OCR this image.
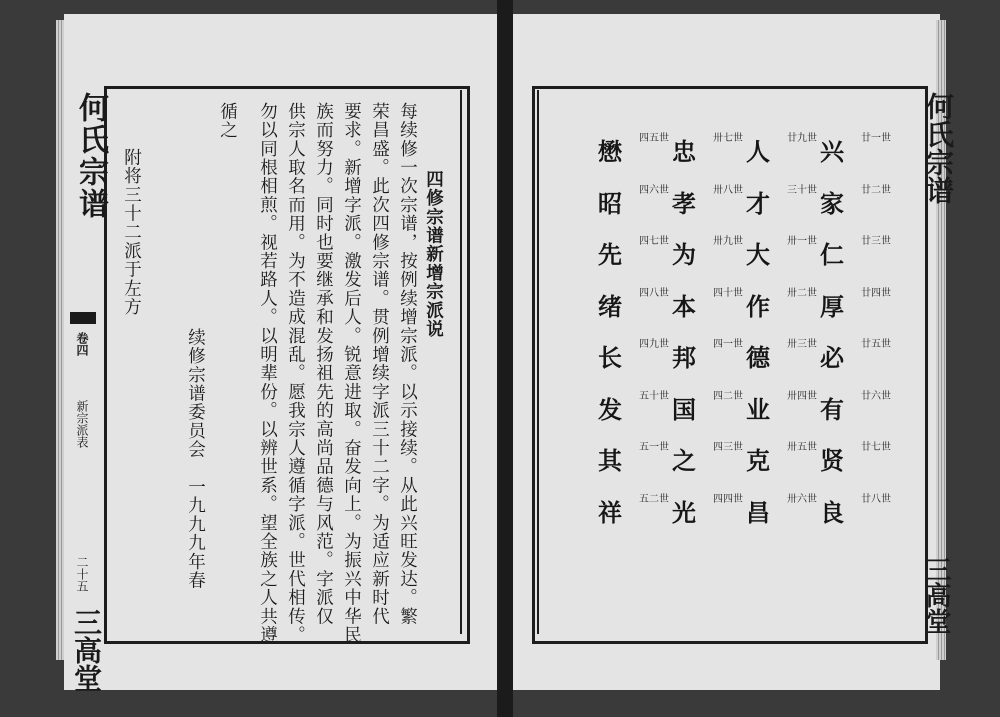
何氏宗谱

卷四

新宗派表

二十五

三高堂

四修宗谱新增宗派说

每续修一次宗谱，按例续增宗派。以示接续。从此兴旺发达。繁

荣昌盛。此次四修宗谱。贯例增续字派三十二字。为适应新时代

要求。新增字派。激发后人。锐意进取。奋发向上。为振兴中华民

族而努力。同时也要继承和发扬祖先的高尚品德与风范。字派仅

供宗人取名而用。为不造成混乱。愿我宗人遵循字派。世代相传。

勿以同根相煎。视若路人。以明辈份。以辨世系。望全族之人共遵

循之

续修宗谱委员会　一九九九年春

附将三十二派于左方	何氏宗谱

三高堂

兴	廿一世
家	廿二世
仁	廿三世
厚	廿四世
必	廿五世
有	廿六世
贤	廿七世
良	廿八世
人	廿九世
才	三十世
大	卅一世
作	卅二世
德	卅三世
业	卅四世
克	卅五世
昌	卅六世
忠	卅七世
孝	卅八世
为	卅九世
本	四十世
邦	四一世
国	四二世
之	四三世
光	四四世
懋	四五世
昭	四六世
先	四七世
绪	四八世
长	四九世
发	五十世
其	五一世
祥	五二世
